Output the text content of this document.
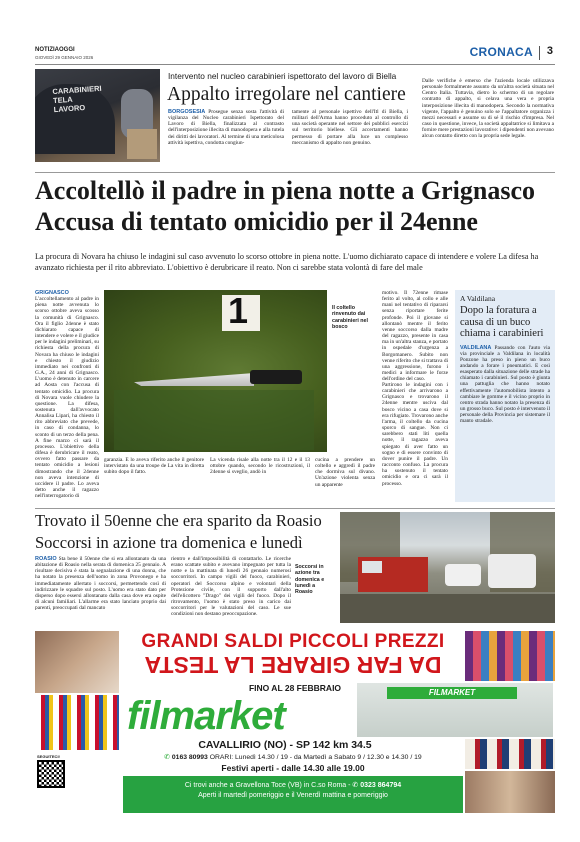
NOTIZIAOGGI
GIOVEDÌ 29 GENNAIO 2026	CRONACA 3
CARABINIERI TELA LAVORO
Intervento nel nucleo carabinieri ispettorato del lavoro di Biella
Appalto irregolare nel cantiere
BORGOSESIA Prosegue senza sosta l'attività di vigilanza del Nucleo carabinieri Ispettorato del Lavoro di Biella, finalizzata al contrasto dell'interposizione illecita di manodopera e alla tutela dei diritti dei lavoratori. Al termine di una meticolosa attività ispettiva, condotta congiun-
tamente al personale ispettivo dell'Itl di Biella, i militari dell'Arma hanno proceduto al controllo di una società operante nel settore dei pubblici esercizi sul territorio biellese. Gli accertamenti hanno permesso di portare alla luce un complesso meccanismo di appalto non genuino.
Dalle verifiche è emerso che l'azienda locale utilizzava personale formalmente assunto da un'altra società situata nel Centro Italia. Tuttavia, dietro lo schermo di un regolare contratto di appalto, si celava una vera e propria interposizione illecita di manodopera. Secondo la normativa vigente, l'appalto è genuino solo se l'appaltatore organizza i mezzi necessari e assume su di sé il rischio d'impresa. Nel caso in questione, invece, la società appaltatrice si limitava a fornire mere prestazioni lavorative: i dipendenti non avevano alcun contatto diretto con la propria sede legale.
Accoltellò il padre in piena notte a Grignasco
Accusa di tentato omicidio per il 24enne
La procura di Novara ha chiuso le indagini sul caso avvenuto lo scorso ottobre in piena notte. L'uomo dichiarato capace di intendere e volere La difesa ha avanzato richiesta per il rito abbreviato. L'obiettivo è derubricare il reato. Non ci sarebbe stata volontà di fare del male
GRIGNASCO L'accoltellamento al padre in piena notte avvenuta lo scorso ottobre aveva scosso la comunità di Grignasco. Ora il figlio 24enne è stato dichiarato capace di intendere e volere e il giudice per le indagini preliminari, su richiesta della procura di Novara ha chiuso le indagini e chiesto il giudizio immediato nei confronti di G.A., 24 anni di Grignasco. L'uomo è detenuto in carcere ad Aosta con l'accusa di tentato omicidio. La procura di Novara vuole chiudere la questione. La difesa, sostenuta dall'avvocato Annalisa Lipari, ha chiesto il rito abbreviato che prevede, in caso di condanna, lo sconto di un terzo della pena. A fine marzo ci sarà il processo. L'obiettivo della difesa è derubricare il reato, ovvero fatto passare da tentato omicidio a lesioni dimostrando che il 24enne non aveva intenzione di uccidere il padre. Lo aveva detto anche il ragazzo nell'interrogatorio di
1	Il coltello rinvenuto dai carabinieri nel bosco
garanzia. E lo aveva riferito anche il genitore intervistato da una troupe de La vita in diretta subito dopo il fatto.
La vicenda risale alla notte tra il 12 e il 13 ottobre quando, secondo le ricostruzioni, il 24enne si sveglio, andò in
cucina a prendere un coltello e aggredì il padre che dormiva sul divano. Un'azione violenta senza un apparente
motivo. Il 72enne rimase ferito al volto, al collo e alle mani nel tentativo di ripararsi senza riportare ferite profonde. Poi il giovane si allontanò mentre il ferito venne soccorso dalla madre del ragazzo, presente in casa ma in un'altra stanza, e portato in ospedale d'urgenza a Borgomanero. Subito non venne riferito che si trattava di una aggressione, furono i medici a informare le forze dell'ordine del caso.
Partirono le indagini con i carabinieri che arrivarono a Grignasco e trovarono il 24enne mentre usciva dal bosco vicino a casa dove si era rifugiato. Trovarono anche l'arma, il coltello da cucina sporco di sangue. Non ci sarebbero stati liti quella notte, il ragazzo aveva spiegato di aver fatto un sogno e di essere convinto di dover punire il padre. Un racconto confuso. La procura ha sostenuto il tentato omicidio e ora ci sarà il processo.
A Valdilana
Dopo la foratura a causa di un buco chiama i carabinieri
VALDILANA Passando con l'auto via via provinciale a Valdilana in località Ponzone ha preso in pieno un buco andando a forare i pneumatici. E così esasperato dalla situazione delle strade ha chiamato i carabinieri. Sul posto è giunta una pattuglia che hanno notato effettivamente l'automobilista intento a cambiare le gomme e il vicino proprio in centro strada hanno notato la presenza di un grosso buco. Sul posto è intervenuto il personale della Provincia per sistemare il manto stradale.
Trovato il 50enne che era sparito da Roasio
Soccorsi in azione tra domenica e lunedì
ROASIO Sta bene il 50enne che si era allontanato da una abitazione di Roasio nella serata di domenica 25 gennaio. A risultare decisiva è stata la segnalazione di una donna, che ha notato la presenza dell'uomo in zona Provonego e ha immediatamente allertato i soccorsi, permettendo così di indirizzare le squadre sul posto. L'uomo era stato dato per disperso dopo essersi allontanato dalla casa dove era ospite di alcuni familiari. L'allarme era stato lanciato proprio dai parenti, preoccupati dal mancato
rientro e dall'impossibilità di contattarlo. Le ricerche erano scattate subito e avevano impegnato per tutta la notte e la mattinata di lunedì 26 gennaio numerosi soccorritori. In campo vigili del fuoco, carabinieri, operatori del Soccorso alpino e volontari della Protezione civile, con il supporto dall'alto dell'elicottero "Drago" dei vigili del fuoco. Dopo il ritrovamento, l'uomo è stato preso in carico dai soccorritori per le valutazioni del caso. Le sue condizioni non destano preoccupazione.
Soccorsi in azione tra domenica e lunedì a Roasio
GRANDI SALDI PICCOLI PREZZI
DA FAR GIRARE LA TESTA
FINO AL 28 FEBBRAIO
filmarket
SEGUITECI!
FILMARKET
CAVALLIRIO (NO) - SP 142 km 34.5
✆ 0163 80993 ORARI: Lunedì 14.30 / 19 - da Martedì a Sabato 9 / 12.30 e 14.30 / 19
Festivi aperti - dalle 14.30 alle 19.00
Ci trovi anche a Gravellona Toce (VB) in C.so Roma - ✆ 0323 864794
Aperti il martedì pomeriggio e il Venerdì mattina e pomeriggio
